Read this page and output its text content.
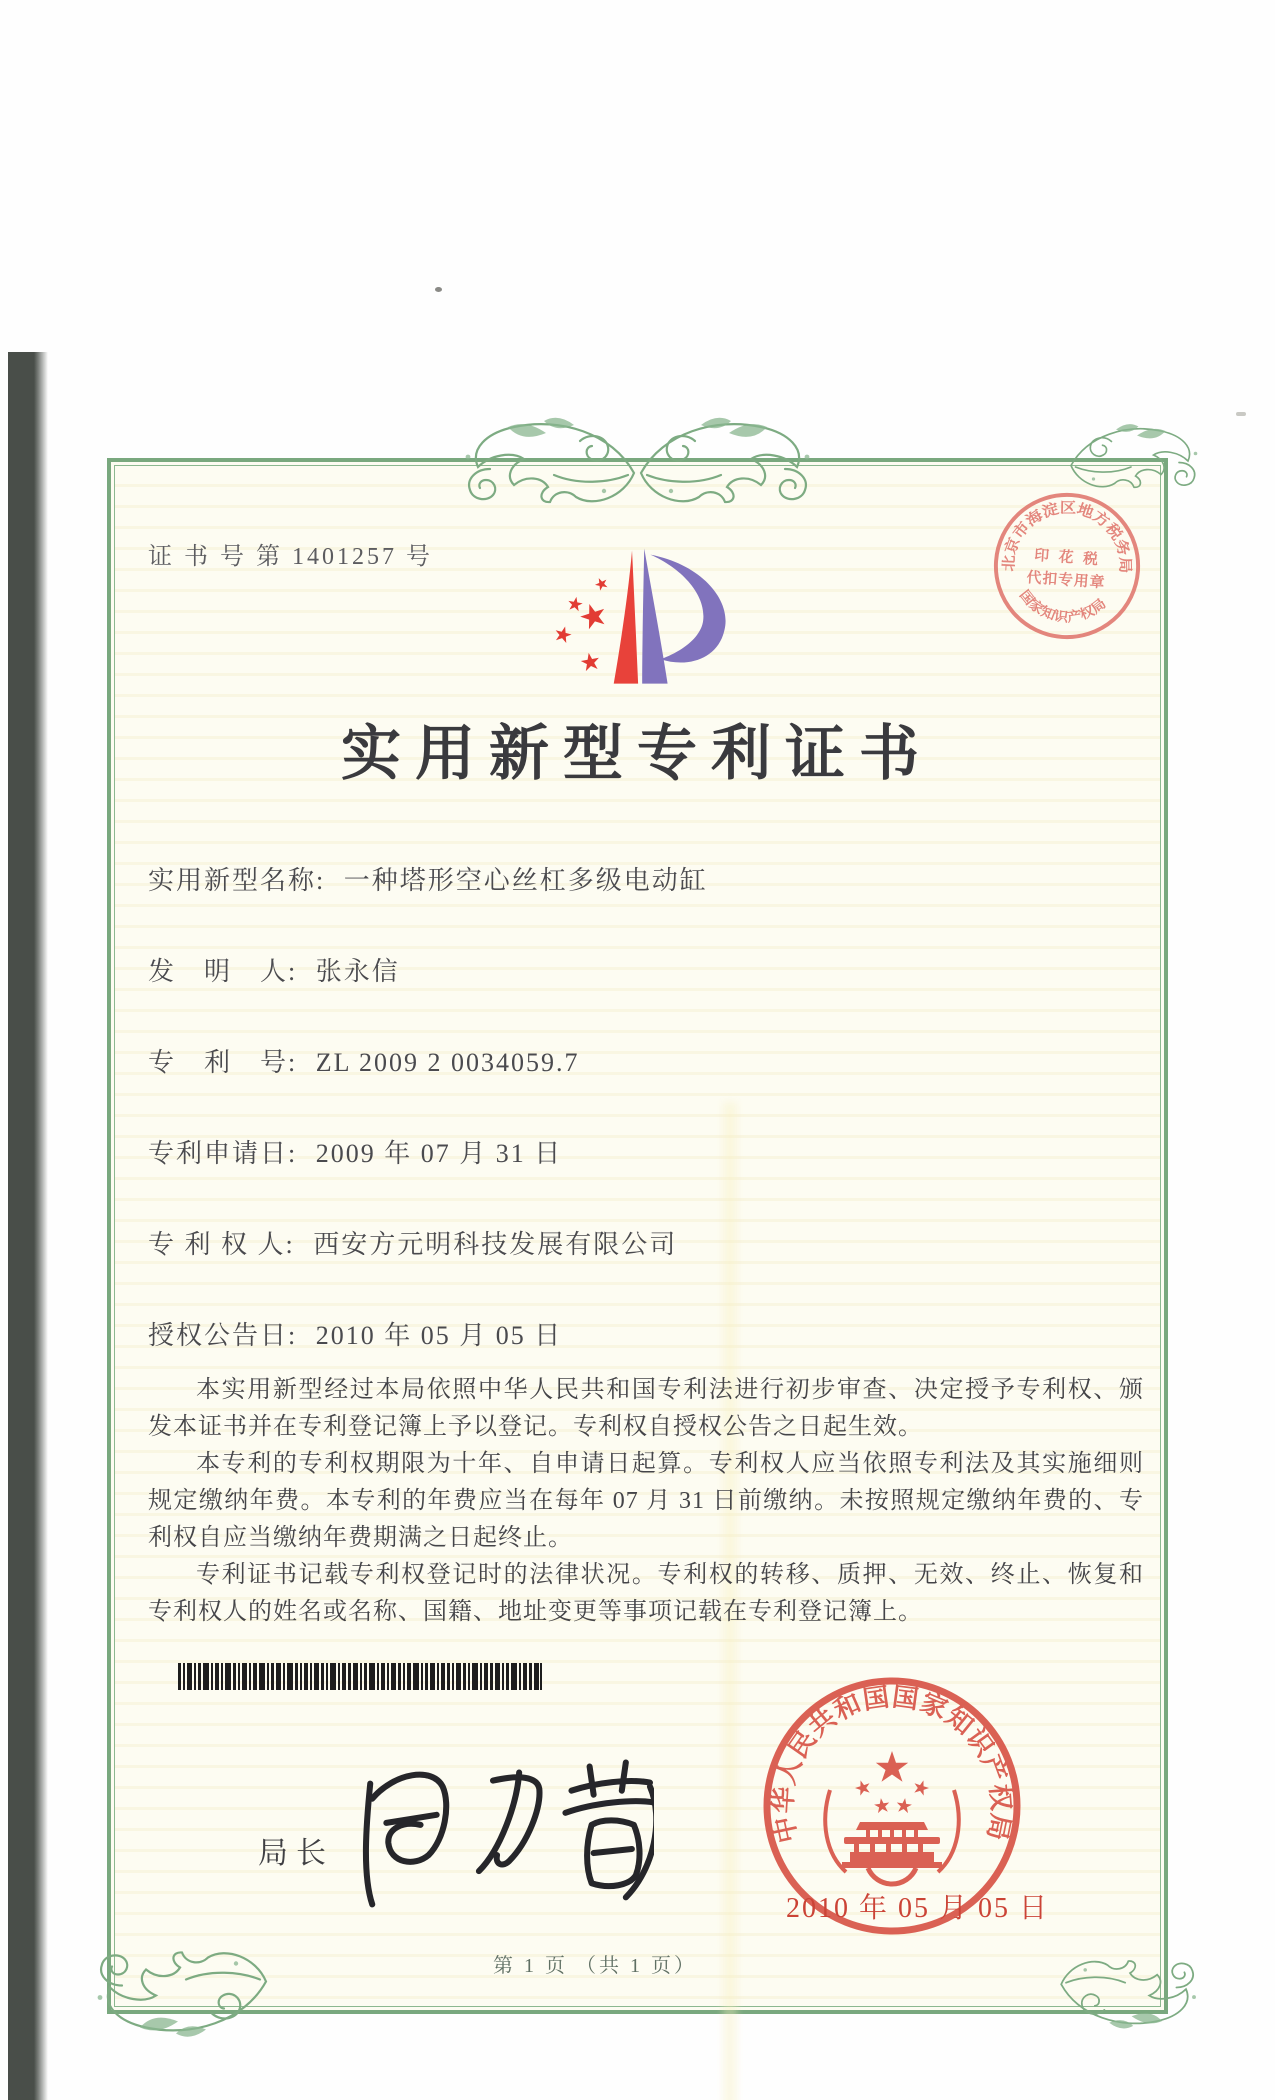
证 书 号 第 1401257 号
实用新型专利证书
实用新型名称: 一种塔形空心丝杠多级电动缸
发　明　人: 张永信
专　利　号: ZL 2009 2 0034059.7
专利申请日: 2009 年 07 月 31 日
专 利 权 人: 西安方元明科技发展有限公司
授权公告日: 2010 年 05 月 05 日

本实用新型经过本局依照中华人民共和国专利法进行初步审查、决定授予专利权、颁发本证书并在专利登记簿上予以登记。专利权自授权公告之日起生效。

本专利的专利权期限为十年、自申请日起算。专利权人应当依照专利法及其实施细则规定缴纳年费。本专利的年费应当在每年 07 月 31 日前缴纳。未按照规定缴纳年费的、专利权自应当缴纳年费期满之日起终止。

专利证书记载专利权登记时的法律状况。专利权的转移、质押、无效、终止、恢复和专利权人的姓名或名称、国籍、地址变更等事项记载在专利登记簿上。

局长
中华人民共和国国家知识产权局
2010 年 05 月 05 日
北京市海淀区地方税务局
国家知识产权局
印 花 税
代扣专用章
第 1 页 （共 1 页）
